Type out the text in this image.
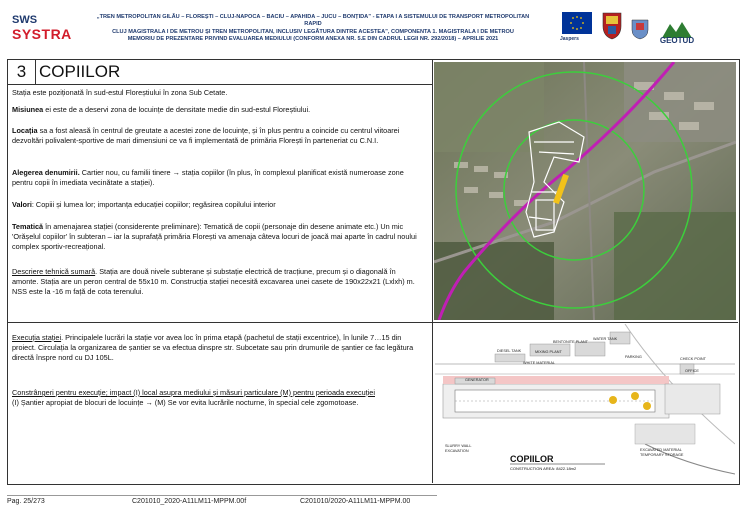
SWS
SYSTRA
„TREN METROPOLITAN GILĂU – FLOREȘTI – CLUJ-NAPOCA – BACIU – APAHIDA – JUCU – BONȚIDA” - ETAPA I A SISTEMULUI DE TRANSPORT METROPOLITAN RAPID
CLUJ MAGISTRALA I DE METROU ȘI TREN METROPOLITAN, INCLUSIV LEGĂTURA DINTRE ACESTEA”, COMPONENTA 1. MAGISTRALA I DE METROU
MEMORIU DE PREZENTARE PRIVIND EVALUAREA MEDIULUI (CONFORM ANEXA NR. 5.E DIN CADRUL LEGII NR. 292/2018) – APRILIE 2021	Jaspers	GEOTUD
3 COPIILOR
Stația este poziționată în sud-estul Floreștiului în zona Sub Cetate.
Misiunea ei este de a deservi zona de locuințe de densitate medie din sud-estul Floreștiului.
Locația sa a fost aleasă în centrul de greutate a acestei zone de locuințe, și în plus pentru a coincide cu centrul viitoarei dezvoltări polivalent-sportive de mari dimensiuni ce va fi implementată de primăria Florești în parteneriat cu C.N.I.
Alegerea denumirii. Cartier nou, cu familii tinere → stația copiilor (în plus, în complexul planificat există numeroase zone pentru copii în imediata vecinătate a stației).
Valori: Copiii și lumea lor; importanța educației copiilor; regăsirea copilului interior
Tematică în amenajarea stației (considerente preliminare): Tematică de copii (personaje din desene animate etc.) Un mic 'Orășelul copiilor' în subteran – iar la suprafață primăria Florești va amenaja câteva locuri de joacă mai aparte în cadrul noului complex sportiv-recreațional.
Descriere tehnică sumară. Stația are două nivele subterane și substație electrică de tracțiune, precum și o diagonală în amonte. Stația are un peron central de 55x10 m. Construcția stației necesită excavarea unei casete de 190x22x21 (Lxlxh) m. NSS este la -16 m față de cota terenului.
Execuția stației. Principalele lucrări la stație vor avea loc în prima etapă (pachetul de stații excentrice), în lunile 7…15 din proiect. Circulația la organizarea de șantier se va efectua dinspre str. Subcetate sau prin drumurile de șantier ce fac legătura directă înspre nord cu DJ 105L.
Constrângeri pentru execuție; impact (I) local asupra mediului și măsuri particulare (M) pentru perioada execuției
(I) Șantier apropiat de blocuri de locuințe → (M) Se vor evita lucrările nocturne, în special cele zgomotoase.
WATER TANK
BENTONITE PLANT
DIESEL TANK	MIXING PLANT
WHITE MATERIAL
GENERATOR
PARKING	CHECK POINT
OFFICE
SLURRY WALL
EXCAVATION	EXCAVATED MATERIAL
TEMPORARY STORAGE
COPIILOR
CONSTRUCTION AREA: 8422.18m2
Pag. 25/273	C201010_2020-A11LM11-MPPM.00f	C201010/2020-A11LM11-MPPM.00
